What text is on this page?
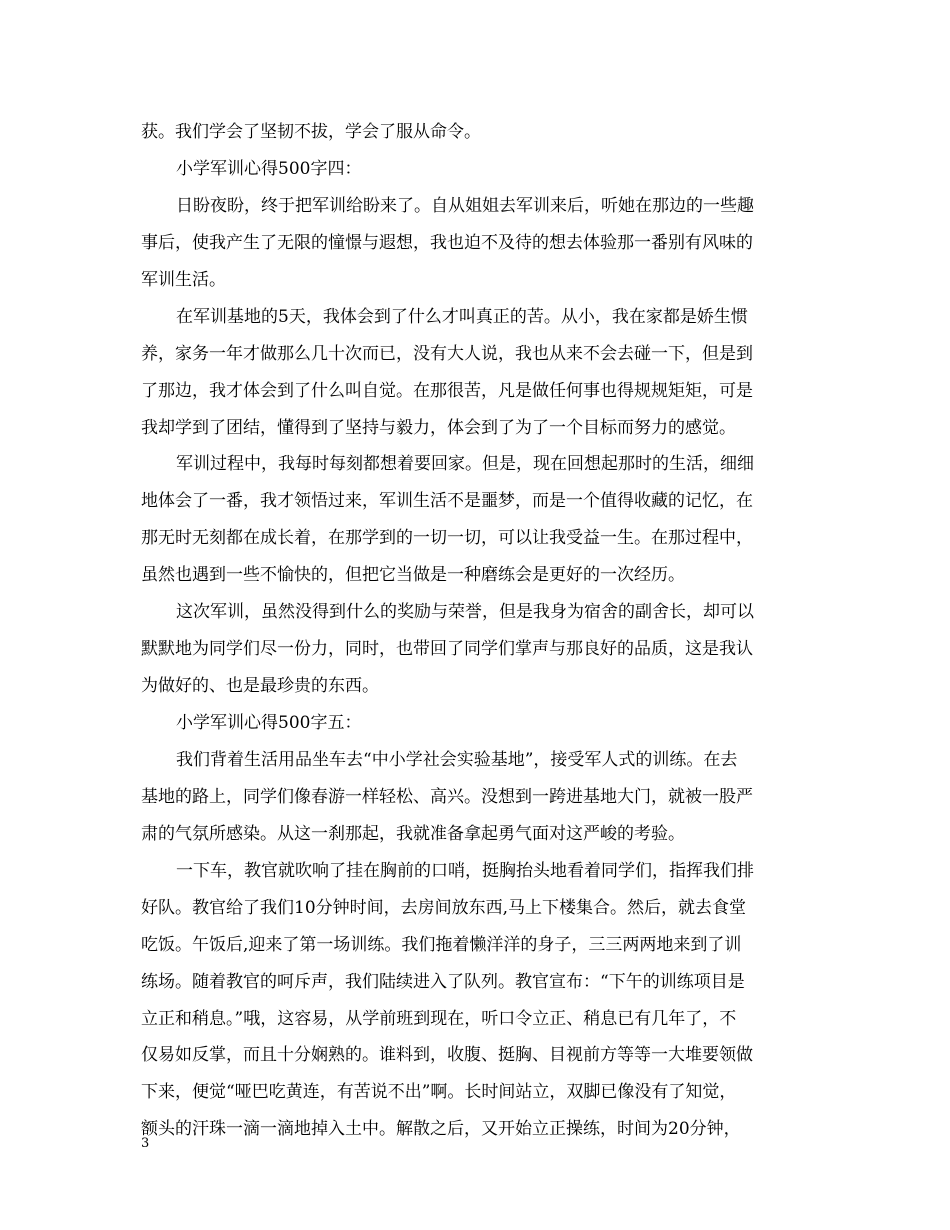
获。我们学会了坚韧不拔，学会了服从命令。
小学军训心得500字四：
日盼夜盼，终于把军训给盼来了。自从姐姐去军训来后，听她在那边的一些趣
事后，使我产生了无限的憧憬与遐想，我也迫不及待的想去体验那一番别有风味的
军训生活。
在军训基地的5天，我体会到了什么才叫真正的苦。从小，我在家都是娇生惯
养，家务一年才做那么几十次而已，没有大人说，我也从来不会去碰一下，但是到
了那边，我才体会到了什么叫自觉。在那很苦，凡是做任何事也得规规矩矩，可是
我却学到了团结，懂得到了坚持与毅力，体会到了为了一个目标而努力的感觉。
军训过程中，我每时每刻都想着要回家。但是，现在回想起那时的生活，细细
地体会了一番，我才领悟过来，军训生活不是噩梦，而是一个值得收藏的记忆，在
那无时无刻都在成长着，在那学到的一切一切，可以让我受益一生。在那过程中，
虽然也遇到一些不愉快的，但把它当做是一种磨练会是更好的一次经历。
这次军训，虽然没得到什么的奖励与荣誉，但是我身为宿舍的副舍长，却可以
默默地为同学们尽一份力，同时，也带回了同学们掌声与那良好的品质，这是我认
为做好的、也是最珍贵的东西。
小学军训心得500字五：
我们背着生活用品坐车去“中小学社会实验基地”，接受军人式的训练。在去
基地的路上，同学们像春游一样轻松、高兴。没想到一跨进基地大门，就被一股严
肃的气氛所感染。从这一刹那起，我就准备拿起勇气面对这严峻的考验。
一下车，教官就吹响了挂在胸前的口哨，挺胸抬头地看着同学们，指挥我们排
好队。教官给了我们10分钟时间，去房间放东西,马上下楼集合。然后，就去食堂
吃饭。午饭后,迎来了第一场训练。我们拖着懒洋洋的身子，三三两两地来到了训
练场。随着教官的呵斥声，我们陆续进入了队列。教官宣布：“下午的训练项目是
立正和稍息。”哦，这容易，从学前班到现在，听口令立正、稍息已有几年了，不
仅易如反掌，而且十分娴熟的。谁料到，收腹、挺胸、目视前方等等一大堆要领做
下来，便觉“哑巴吃黄连，有苦说不出”啊。长时间站立，双脚已像没有了知觉，
额头的汗珠一滴一滴地掉入土中。解散之后，又开始立正操练，时间为20分钟，
3
